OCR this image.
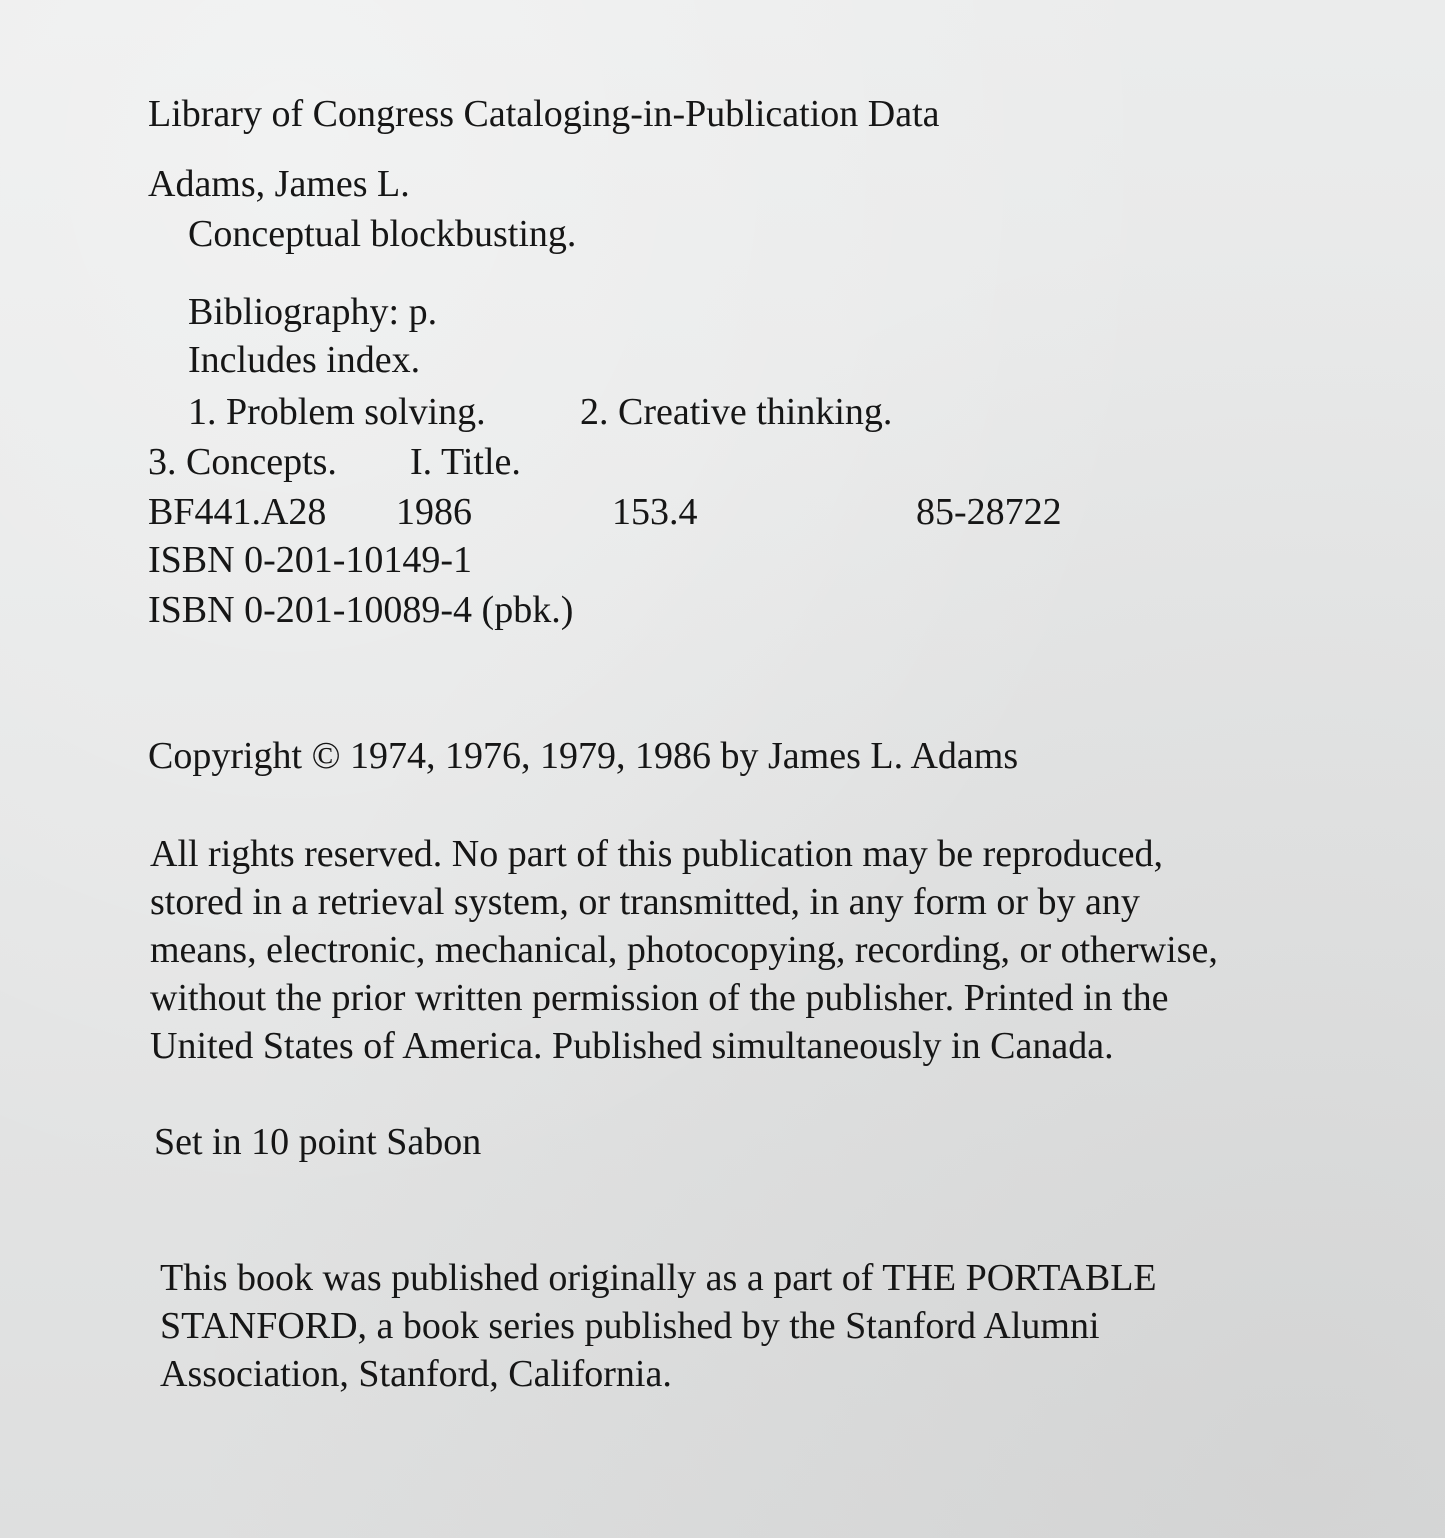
Library of Congress Cataloging-in-Publication Data
Adams, James L.
Conceptual blockbusting.
Bibliography: p.
Includes index.
1. Problem solving. 2. Creative thinking.
3. Concepts. I. Title.
BF441.A28 1986	153.4	85-28722
ISBN 0-201-10149-1
ISBN 0-201-10089-4 (pbk.)
Copyright © 1974, 1976, 1979, 1986 by James L. Adams

All rights reserved. No part of this publication may be reproduced,

stored in a retrieval system, or transmitted, in any form or by any

means, electronic, mechanical, photocopying, recording, or otherwise,

without the prior written permission of the publisher. Printed in the

United States of America. Published simultaneously in Canada.

Set in 10 point Sabon

This book was published originally as a part of THE PORTABLE

STANFORD, a book series published by the Stanford Alumni

Association, Stanford, California.
